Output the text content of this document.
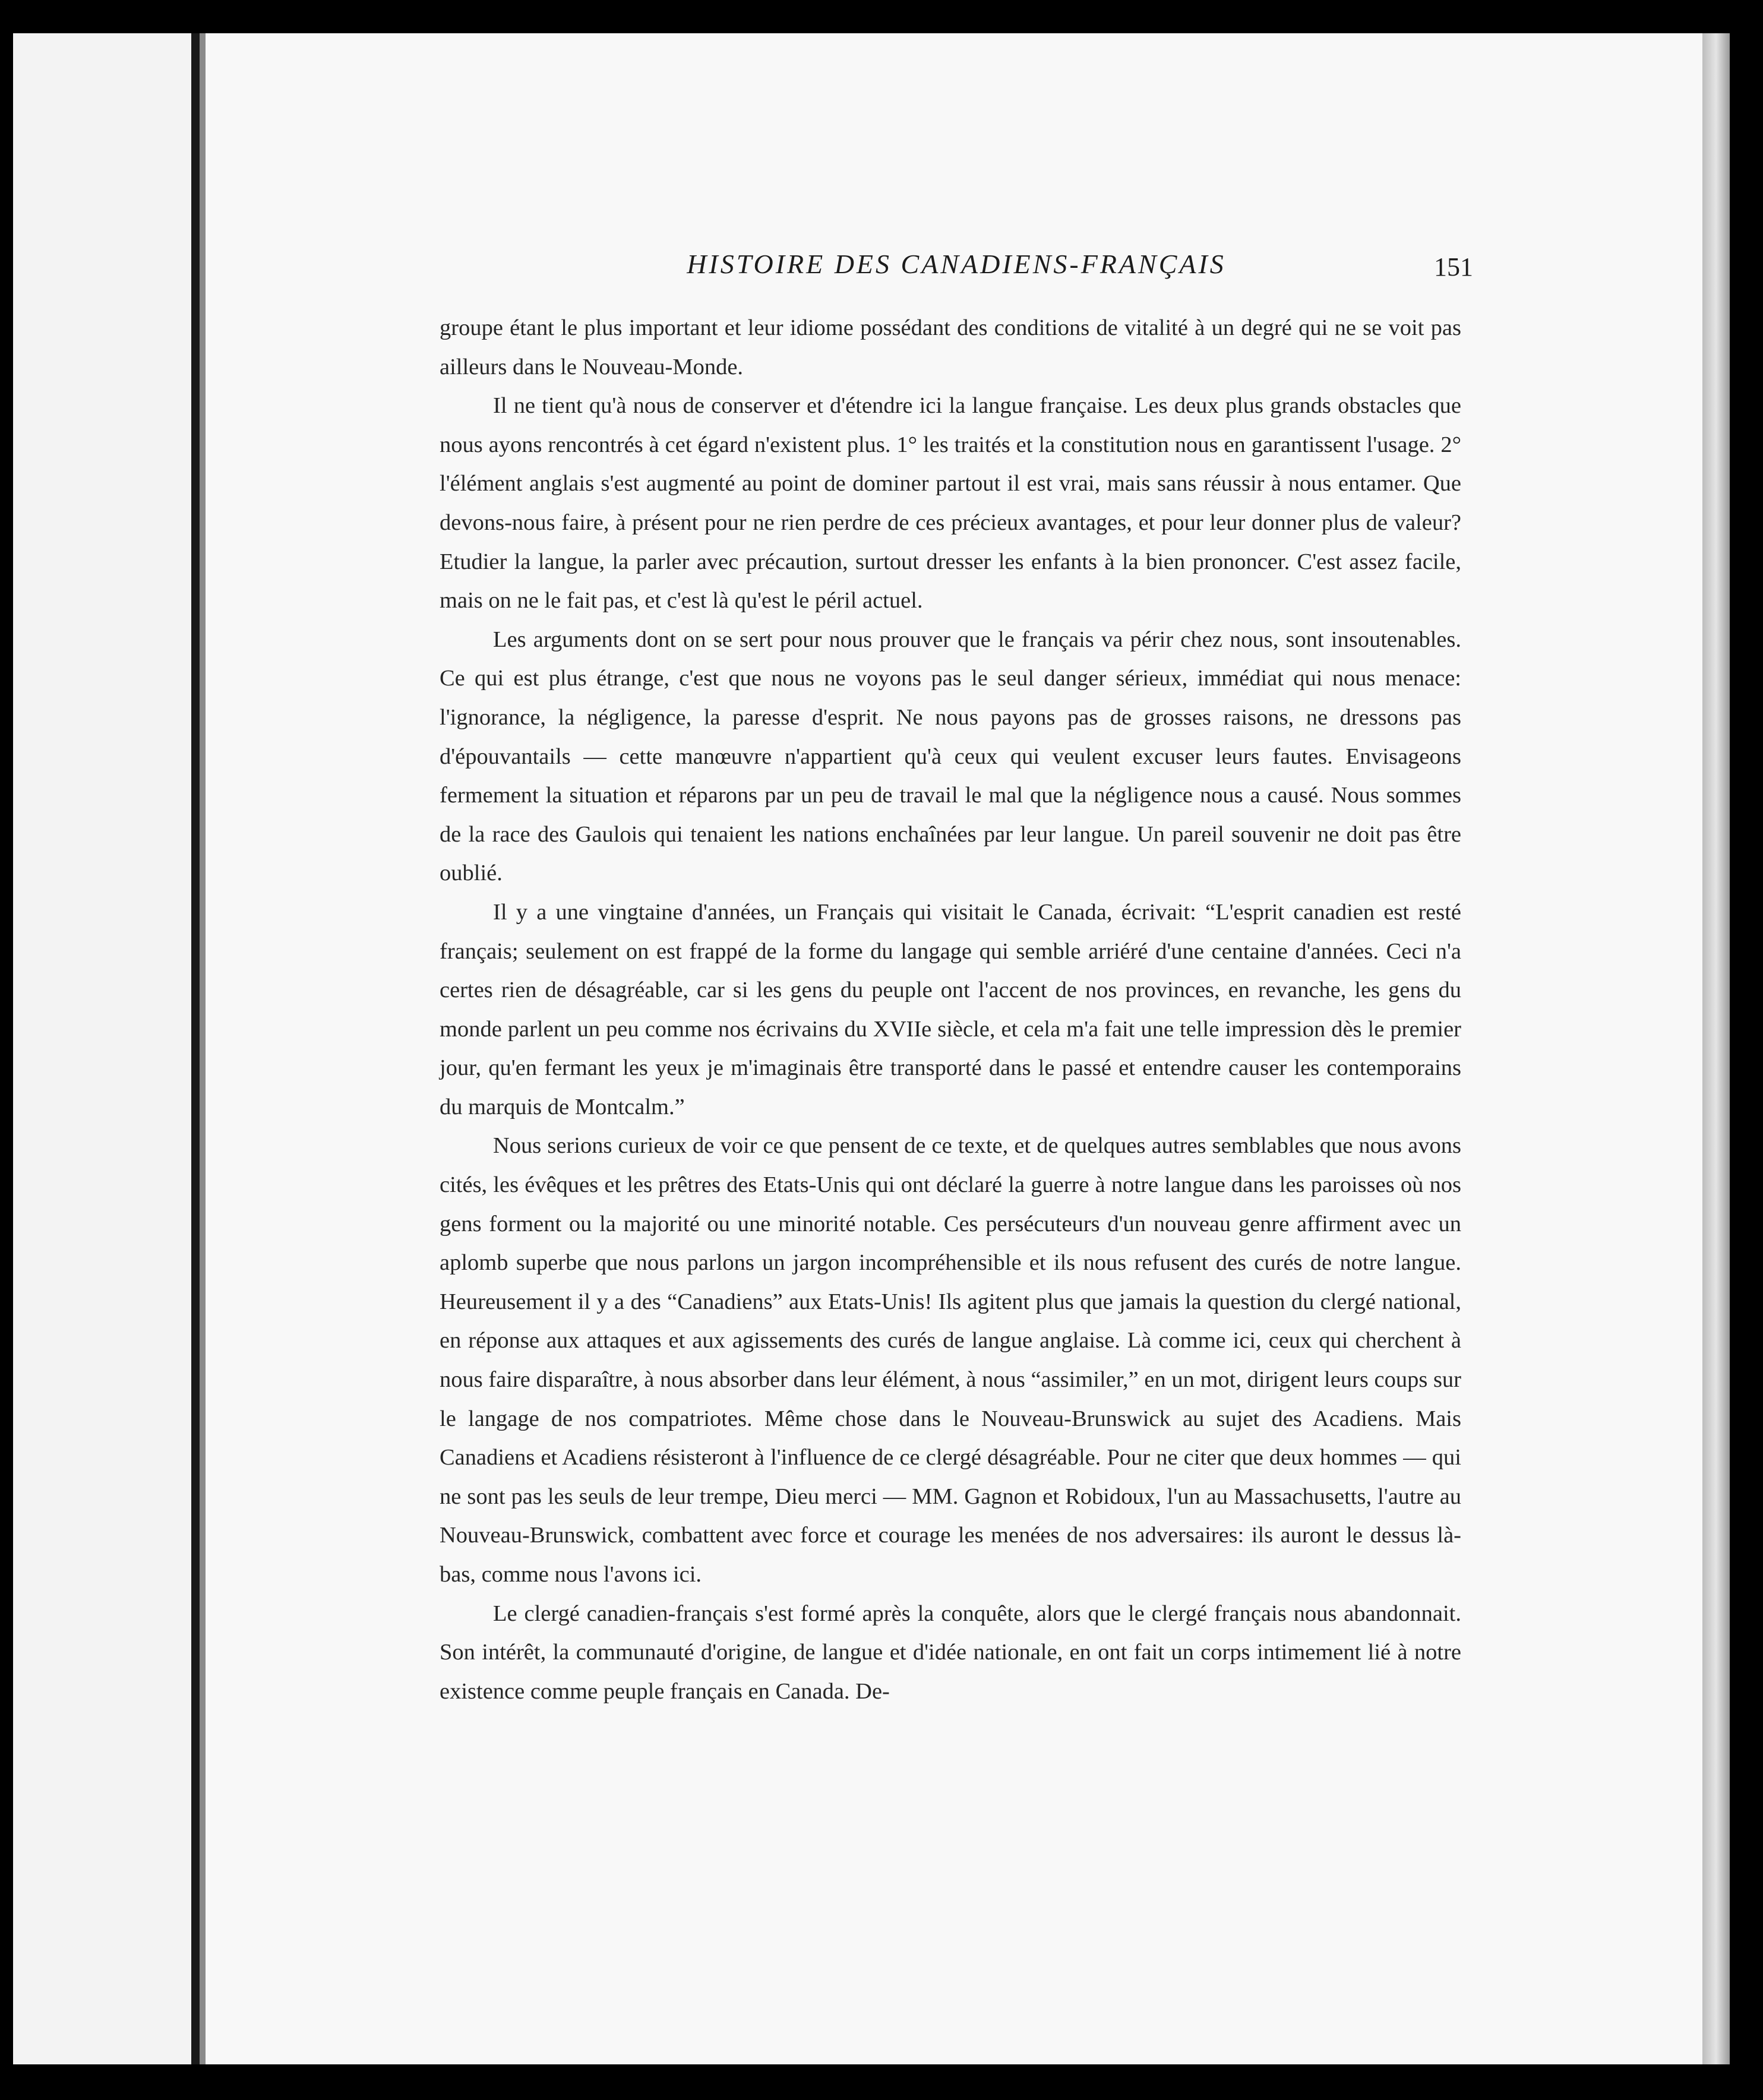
HISTOIRE DES CANADIENS-FRANÇAIS	151

groupe étant le plus important et leur idiome possédant des conditions de vitalité à un degré qui ne se voit pas ailleurs dans le Nouveau-Monde.

Il ne tient qu'à nous de conserver et d'étendre ici la langue française. Les deux plus grands obstacles que nous ayons rencontrés à cet égard n'existent plus. 1° les traités et la constitution nous en garantissent l'usage. 2° l'élément anglais s'est augmenté au point de dominer partout il est vrai, mais sans réussir à nous entamer. Que devons-nous faire, à présent pour ne rien perdre de ces précieux avantages, et pour leur donner plus de valeur? Etudier la langue, la parler avec précaution, surtout dresser les enfants à la bien prononcer. C'est assez facile, mais on ne le fait pas, et c'est là qu'est le péril actuel.

Les arguments dont on se sert pour nous prouver que le français va périr chez nous, sont insoutenables. Ce qui est plus étrange, c'est que nous ne voyons pas le seul danger sérieux, immédiat qui nous menace: l'ignorance, la négligence, la paresse d'esprit. Ne nous payons pas de grosses raisons, ne dressons pas d'épouvantails — cette manœuvre n'appartient qu'à ceux qui veulent excuser leurs fautes. Envisageons fermement la situation et réparons par un peu de travail le mal que la négligence nous a causé. Nous sommes de la race des Gaulois qui tenaient les nations enchaînées par leur langue. Un pareil souvenir ne doit pas être oublié.

Il y a une vingtaine d'années, un Français qui visitait le Canada, écrivait: “L'esprit canadien est resté français; seulement on est frappé de la forme du langage qui semble arriéré d'une centaine d'années. Ceci n'a certes rien de désagréable, car si les gens du peuple ont l'accent de nos provinces, en revanche, les gens du monde parlent un peu comme nos écrivains du XVIIe siècle, et cela m'a fait une telle impression dès le premier jour, qu'en fermant les yeux je m'imaginais être transporté dans le passé et entendre causer les contemporains du marquis de Montcalm.”

Nous serions curieux de voir ce que pensent de ce texte, et de quelques autres semblables que nous avons cités, les évêques et les prêtres des Etats-Unis qui ont déclaré la guerre à notre langue dans les paroisses où nos gens forment ou la majorité ou une minorité notable. Ces persécuteurs d'un nouveau genre affirment avec un aplomb superbe que nous parlons un jargon incompréhensible et ils nous refusent des curés de notre langue. Heureusement il y a des “Canadiens” aux Etats-Unis! Ils agitent plus que jamais la question du clergé national, en réponse aux attaques et aux agissements des curés de langue anglaise. Là comme ici, ceux qui cherchent à nous faire disparaître, à nous absorber dans leur élément, à nous “assimiler,” en un mot, dirigent leurs coups sur le langage de nos compatriotes. Même chose dans le Nouveau-Brunswick au sujet des Acadiens. Mais Canadiens et Acadiens résisteront à l'influence de ce clergé désagréable. Pour ne citer que deux hommes — qui ne sont pas les seuls de leur trempe, Dieu merci — MM. Gagnon et Robidoux, l'un au Massachusetts, l'autre au Nouveau-Brunswick, combattent avec force et courage les menées de nos adversaires: ils auront le dessus là-bas, comme nous l'avons ici.

Le clergé canadien-français s'est formé après la conquête, alors que le clergé français nous abandonnait. Son intérêt, la communauté d'origine, de langue et d'idée nationale, en ont fait un corps intimement lié à notre existence comme peuple français en Canada. De-
